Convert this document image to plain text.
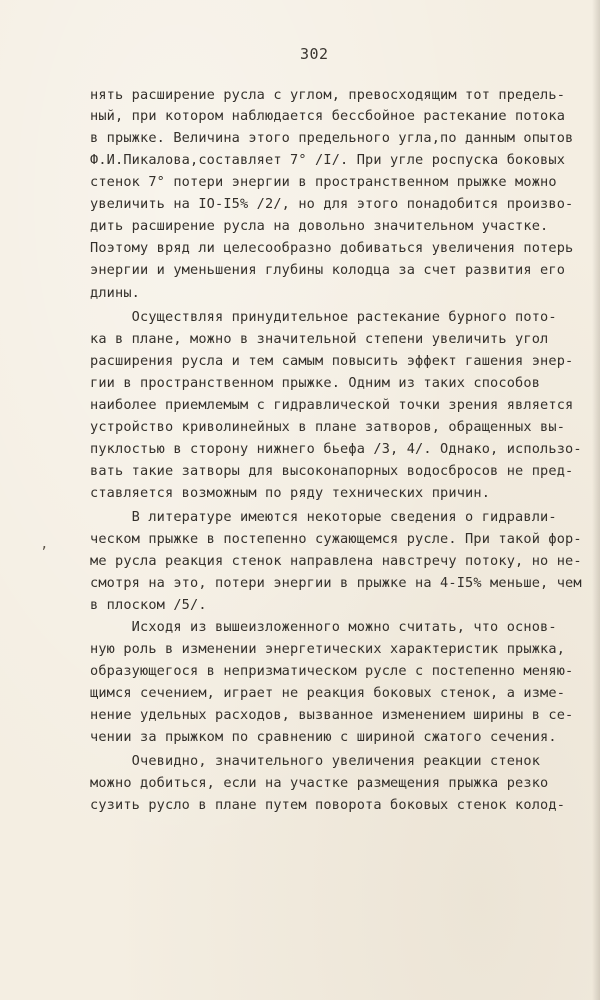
302
’
нять расширение русла с углом, превосходящим тот предель-
ный, при котором наблюдается бессбойное растекание потока
в прыжке. Величина этого предельного угла,по данным опытов
Ф.И.Пикалова,составляет 7° /I/. При угле роспуска боковых
стенок 7° потери энергии в пространственном прыжке можно
увеличить на IO-I5% /2/, но для этого понадобится произво-
дить расширение русла на довольно значительном участке.
Поэтому вряд ли целесообразно добиваться увеличения потерь
энергии и уменьшения глубины колодца за счет развития его
длины.
Осуществляя принудительное растекание бурного пото-
ка в плане, можно в значительной степени увеличить угол
расширения русла и тем самым повысить эффект гашения энер-
гии в пространственном прыжке. Одним из таких способов
наиболее приемлемым с гидравлической точки зрения является
устройство криволинейных в плане затворов, обращенных вы-
пуклостью в сторону нижнего бьефа /3, 4/. Однако, использо-
вать такие затворы для высоконапорных водосбросов не пред-
ставляется возможным по ряду технических причин.
В литературе имеются некоторые сведения о гидравли-
ческом прыжке в постепенно сужающемся русле. При такой фор-
ме русла реакция стенок направлена навстречу потоку, но не-
смотря на это, потери энергии в прыжке на 4-I5% меньше, чем
в плоском /5/.
Исходя из вышеизложенного можно считать, что основ-
ную роль в изменении энергетических характеристик прыжка,
образующегося в непризматическом русле с постепенно меняю-
щимся сечением, играет не реакция боковых стенок, а изме-
нение удельных расходов, вызванное изменением ширины в се-
чении за прыжком по сравнению с шириной сжатого сечения.
Очевидно, значительного увеличения реакции стенок
можно добиться, если на участке размещения прыжка резко
сузить русло в плане путем поворота боковых стенок колод-
